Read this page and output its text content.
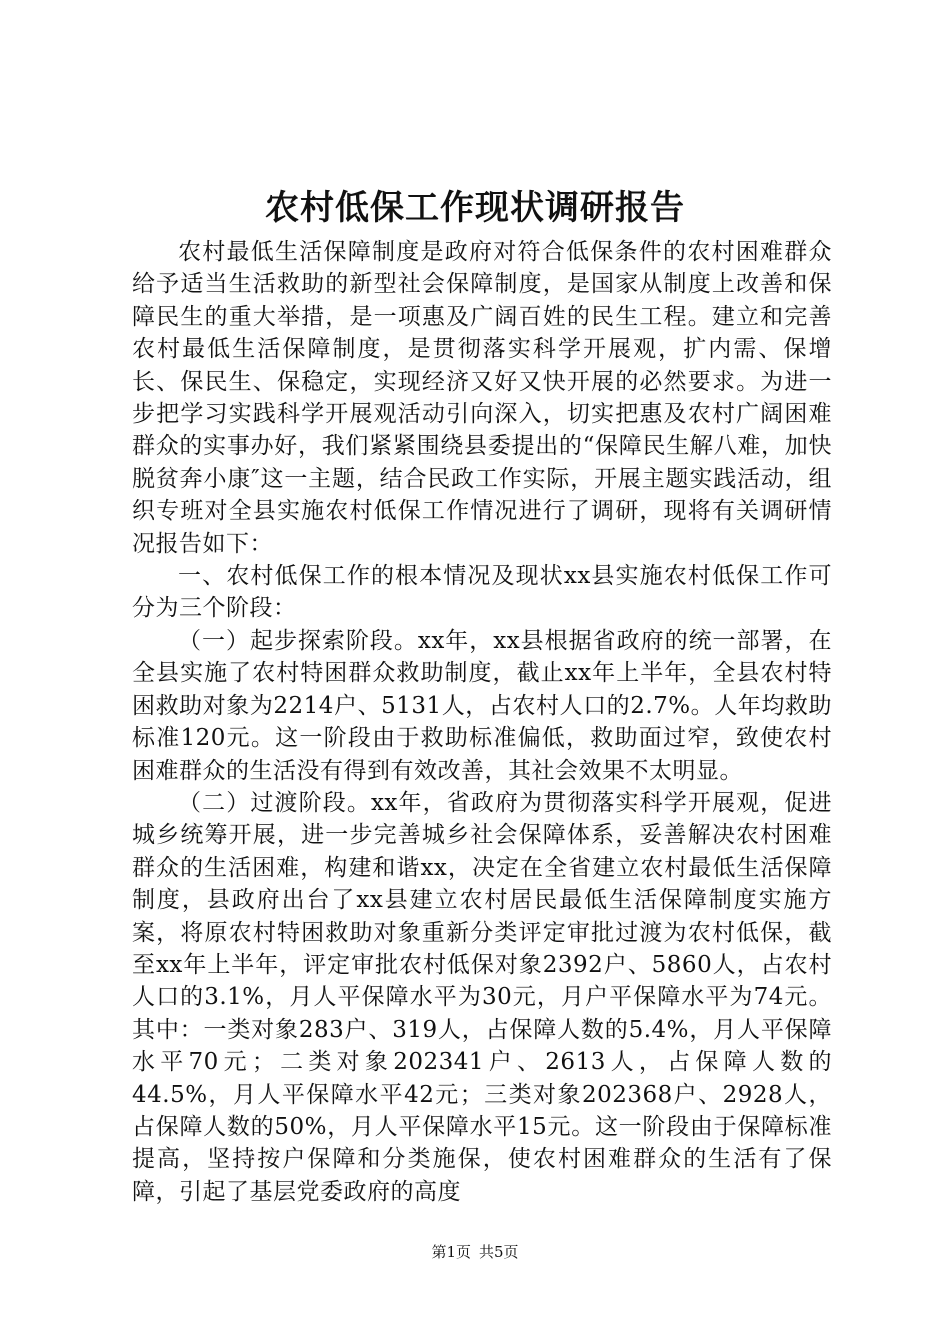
农村低保工作现状调研报告

农村最低生活保障制度是政府对符合低保条件的农村困难群众给予适当生活救助的新型社会保障制度，是国家从制度上改善和保障民生的重大举措，是一项惠及广阔百姓的民生工程。建立和完善农村最低生活保障制度，是贯彻落实科学开展观，扩内需、保增长、保民生、保稳定，实现经济又好又快开展的必然要求。为进一步把学习实践科学开展观活动引向深入，切实把惠及农村广阔困难群众的实事办好，我们紧紧围绕县委提出的“保障民生解八难，加快脱贫奔小康″这一主题，结合民政工作实际，开展主题实践活动，组织专班对全县实施农村低保工作情况进行了调研，现将有关调研情况报告如下：

一、农村低保工作的根本情况及现状xx县实施农村低保工作可分为三个阶段：

（一）起步探索阶段。xx年，xx县根据省政府的统一部署，在全县实施了农村特困群众救助制度，截止xx年上半年，全县农村特困救助对象为2214户、5131人，占农村人口的2.7%。人年均救助标准120元。这一阶段由于救助标准偏低，救助面过窄，致使农村困难群众的生活没有得到有效改善，其社会效果不太明显。

（二）过渡阶段。xx年，省政府为贯彻落实科学开展观，促进城乡统筹开展，进一步完善城乡社会保障体系，妥善解决农村困难群众的生活困难，构建和谐xx，决定在全省建立农村最低生活保障制度，县政府出台了xx县建立农村居民最低生活保障制度实施方案，将原农村特困救助对象重新分类评定审批过渡为农村低保，截至xx年上半年，评定审批农村低保对象2392户、5860人，占农村人口的3.1%，月人平保障水平为30元，月户平保障水平为74元。其中：一类对象283户、319人，占保障人数的5.4%，月人平保障水平70元；二类对象202341户、2613人，占保障人数的44.5%，月人平保障水平42元；三类对象202368户、2928人，占保障人数的50%，月人平保障水平15元。这一阶段由于保障标准提高，坚持按户保障和分类施保，使农村困难群众的生活有了保障，引起了基层党委政府的高度

第1页 共5页
